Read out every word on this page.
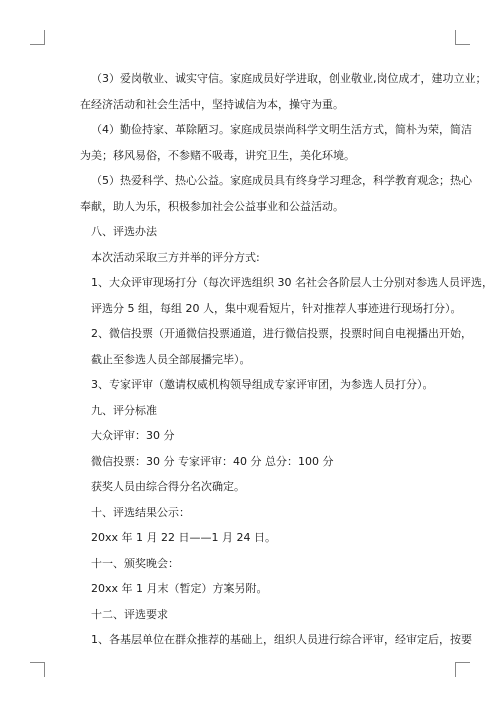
（3）爱岗敬业、诚实守信。家庭成员好学进取，创业敬业,岗位成才，建功立业；
在经济活动和社会生活中，坚持诚信为本，操守为重。
（4）勤俭持家、革除陋习。家庭成员崇尚科学文明生活方式，简朴为荣，简洁
为美；移风易俗，不参赌不吸毒，讲究卫生，美化环境。
（5）热爱科学、热心公益。家庭成员具有终身学习理念，科学教育观念；热心
奉献，助人为乐，积极参加社会公益事业和公益活动。
八、评选办法
本次活动采取三方并举的评分方式:
1、大众评审现场打分（每次评选组织 30 名社会各阶层人士分别对参选人员评选，
评选分 5 组，每组 20 人，集中观看短片，针对推荐人事迹进行现场打分）。
2、微信投票（开通微信投票通道，进行微信投票，投票时间自电视播出开始，
截止至参选人员全部展播完毕）。
3、专家评审（邀请权威机构领导组成专家评审团，为参选人员打分）。
九、评分标准
大众评审：30 分
微信投票：30 分 专家评审：40 分 总分：100 分
获奖人员由综合得分名次确定。
十、评选结果公示：
20xx 年 1 月 22 日——1 月 24 日。
十一、颁奖晚会：
20xx 年 1 月末（暂定）方案另附。
十二、评选要求
1、各基层单位在群众推荐的基础上，组织人员进行综合评审，经审定后，按要
